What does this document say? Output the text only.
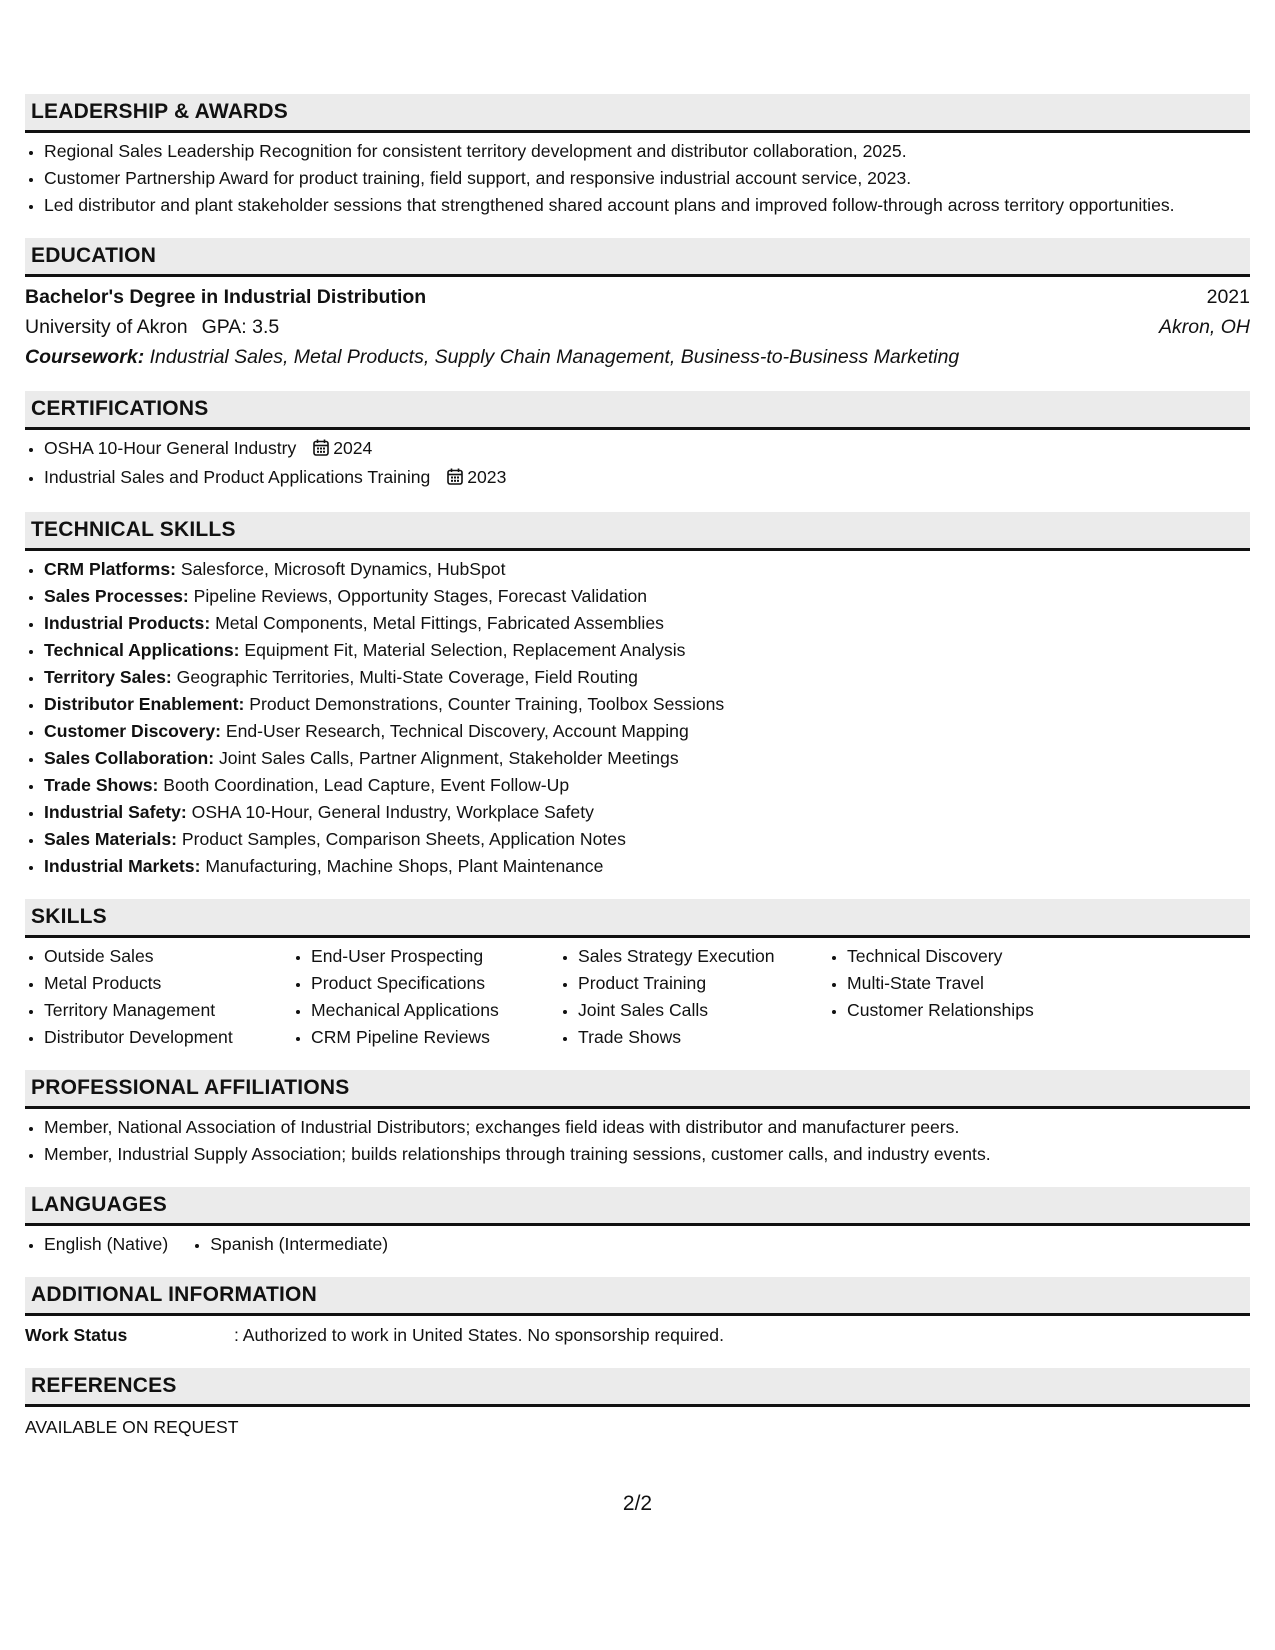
LEADERSHIP & AWARDS
• Regional Sales Leadership Recognition for consistent territory development and distributor collaboration, 2025.
• Customer Partnership Award for product training, field support, and responsive industrial account service, 2023.
• Led distributor and plant stakeholder sessions that strengthened shared account plans and improved follow-through across territory opportunities.
EDUCATION
Bachelor's Degree in Industrial Distribution	2021
University of Akron GPA: 3.5	Akron, OH
Coursework: Industrial Sales, Metal Products, Supply Chain Management, Business-to-Business Marketing
CERTIFICATIONS
• OSHA 10-Hour General Industry 2024
• Industrial Sales and Product Applications Training 2023
TECHNICAL SKILLS
• CRM Platforms: Salesforce, Microsoft Dynamics, HubSpot
• Sales Processes: Pipeline Reviews, Opportunity Stages, Forecast Validation
• Industrial Products: Metal Components, Metal Fittings, Fabricated Assemblies
• Technical Applications: Equipment Fit, Material Selection, Replacement Analysis
• Territory Sales: Geographic Territories, Multi-State Coverage, Field Routing
• Distributor Enablement: Product Demonstrations, Counter Training, Toolbox Sessions
• Customer Discovery: End-User Research, Technical Discovery, Account Mapping
• Sales Collaboration: Joint Sales Calls, Partner Alignment, Stakeholder Meetings
• Trade Shows: Booth Coordination, Lead Capture, Event Follow-Up
• Industrial Safety: OSHA 10-Hour, General Industry, Workplace Safety
• Sales Materials: Product Samples, Comparison Sheets, Application Notes
• Industrial Markets: Manufacturing, Machine Shops, Plant Maintenance
SKILLS
• Outside Sales
• Metal Products
• Territory Management
• Distributor Development
• End-User Prospecting
• Product Specifications
• Mechanical Applications
• CRM Pipeline Reviews
• Sales Strategy Execution
• Product Training
• Joint Sales Calls
• Trade Shows
• Technical Discovery
• Multi-State Travel
• Customer Relationships
PROFESSIONAL AFFILIATIONS
• Member, National Association of Industrial Distributors; exchanges field ideas with distributor and manufacturer peers.
• Member, Industrial Supply Association; builds relationships through training sessions, customer calls, and industry events.
LANGUAGES
• English (Native)
• Spanish (Intermediate)
ADDITIONAL INFORMATION
Work Status	: Authorized to work in United States. No sponsorship required.
REFERENCES
AVAILABLE ON REQUEST
2/2
